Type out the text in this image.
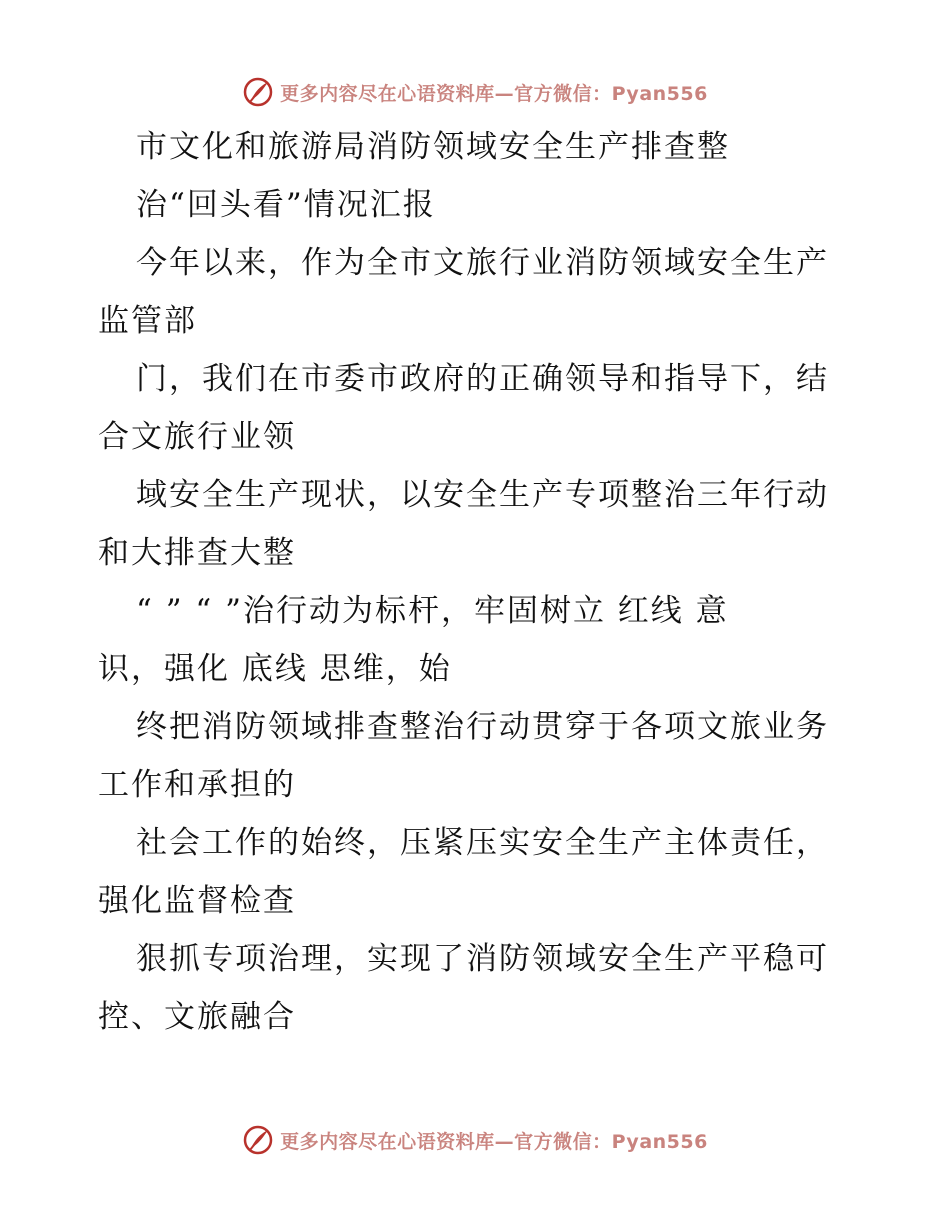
更多内容尽在心语资料库—官方微信：Pyan556
市文化和旅游局消防领域安全生产排查整
治“回头看”情况汇报
今年以来，作为全市文旅行业消防领域安全生产
监管部
门，我们在市委市政府的正确领导和指导下，结
合文旅行业领
域安全生产现状，以安全生产专项整治三年行动
和大排查大整
“ ” “ ”治行动为标杆，牢固树立 红线 意
识，强化 底线 思维，始
终把消防领域排查整治行动贯穿于各项文旅业务
工作和承担的
社会工作的始终，压紧压实安全生产主体责任，
强化监督检查
狠抓专项治理，实现了消防领域安全生产平稳可
控、文旅融合
更多内容尽在心语资料库—官方微信：Pyan556
